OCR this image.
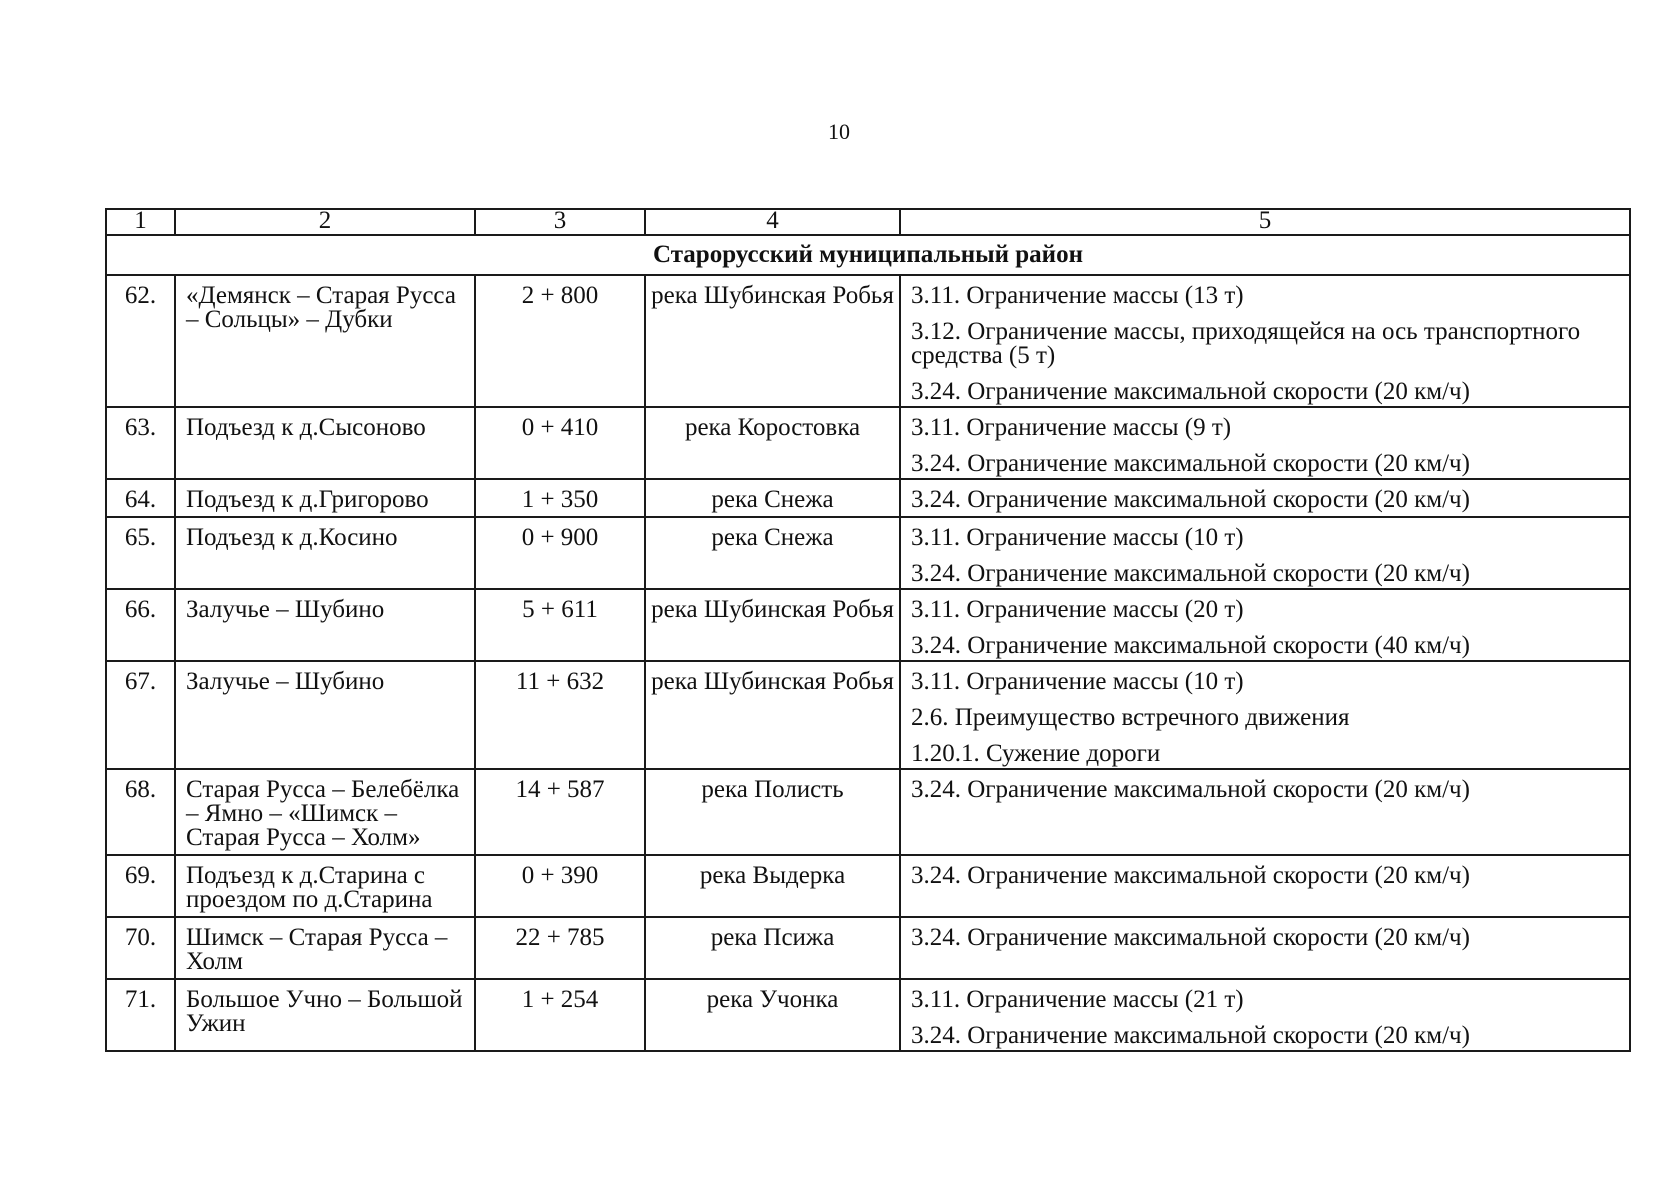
10
1	2	3	4	5
Старорусский муниципальный район				
62.	«Демянск – Старая Русса – Сольцы» – Дубки	2 + 800	река Шубинская Робья	3.11. Ограничение массы (13 т)
3.12. Ограничение массы, приходящейся на ось транспортного средства (5 т)
3.24. Ограничение максимальной скорости (20 км/ч)

63.	Подъезд к д.Сысоново	0 + 410	река Коростовка	3.11. Ограничение массы (9 т)
3.24. Ограничение максимальной скорости (20 км/ч)

64.	Подъезд к д.Григорово	1 + 350	река Снежа	3.24. Ограничение максимальной скорости (20 км/ч)

65.	Подъезд к д.Косино	0 + 900	река Снежа	3.11. Ограничение массы (10 т)
3.24. Ограничение максимальной скорости (20 км/ч)

66.	Залучье – Шубино	5 + 611	река Шубинская Робья	3.11. Ограничение массы (20 т)
3.24. Ограничение максимальной скорости (40 км/ч)

67.	Залучье – Шубино	11 + 632	река Шубинская Робья	3.11. Ограничение массы (10 т)
2.6. Преимущество встречного движения
1.20.1. Сужение дороги

68.	Старая Русса – Белебёлка – Ямно – «Шимск – Старая Русса – Холм»	14 + 587	река Полисть	3.24. Ограничение максимальной скорости (20 км/ч)

69.	Подъезд к д.Старина с проездом по д.Старина	0 + 390	река Выдерка	3.24. Ограничение максимальной скорости (20 км/ч)

70.	Шимск – Старая Русса – Холм	22 + 785	река Псижа	3.24. Ограничение максимальной скорости (20 км/ч)

71.	Большое Учно – Большой Ужин	1 + 254	река Учонка	3.11. Ограничение массы (21 т)
3.24. Ограничение максимальной скорости (20 км/ч)
